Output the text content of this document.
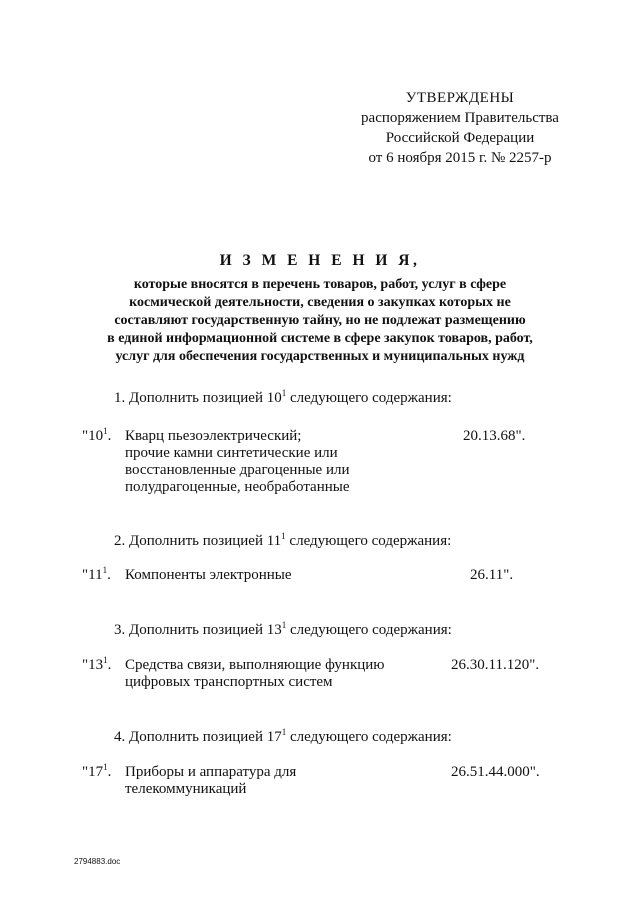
УТВЕРЖДЕНЫ
распоряжением Правительства
Российской Федерации
от 6 ноября 2015 г. № 2257-р
И З М Е Н Е Н И Я,
которые вносятся в перечень товаров, работ, услуг в сфере
космической деятельности, сведения о закупках которых не
составляют государственную тайну, но не подлежат размещению
в единой информационной системе в сфере закупок товаров, работ,
услуг для обеспечения государственных и муниципальных нужд
1. Дополнить позицией $10^1$ следующего содержания:
"$10^1$. Кварц пьезоэлектрический;
прочие камни синтетические или
восстановленные драгоценные или
полудрагоценные, необработанные
20.13.68".
2. Дополнить позицией $11^1$ следующего содержания:
"$11^1$. Компоненты электронные	26.11".
3. Дополнить позицией $13^1$ следующего содержания:
"$13^1$. Средства связи, выполняющие функцию
цифровых транспортных систем
26.30.11.120".
4. Дополнить позицией $17^1$ следующего содержания:
"$17^1$. Приборы и аппаратура для
телекоммуникаций
26.51.44.000".
2794883.doc
